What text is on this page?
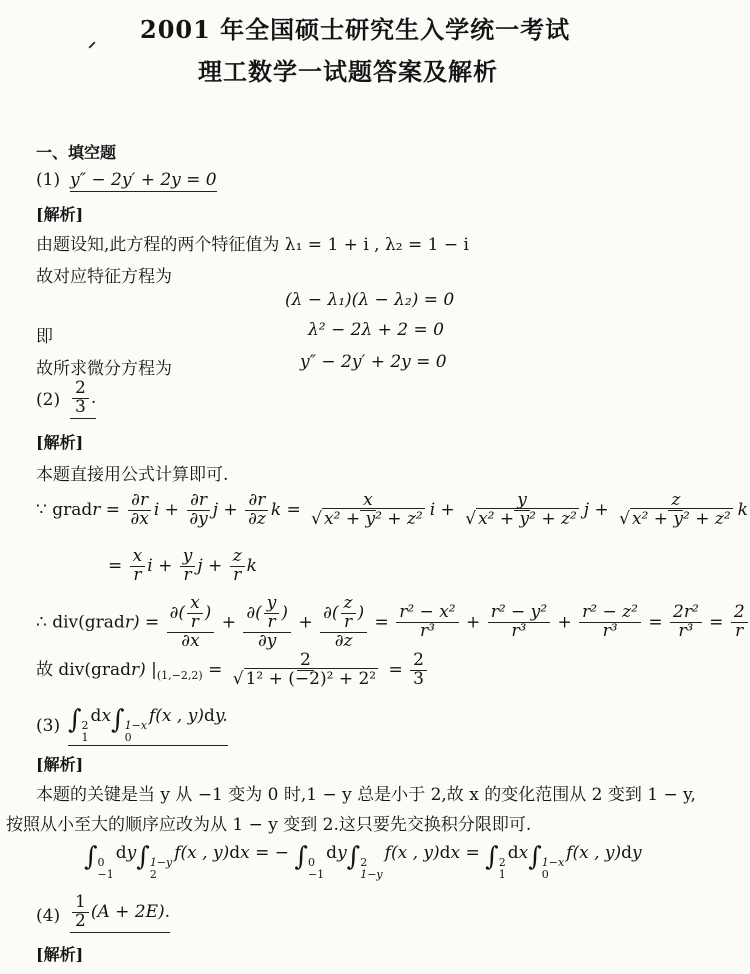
2001 年全国硕士研究生入学统一考试
理工数学一试题答案及解析
一、填空题
(1) y″ − 2y′ + 2y = 0
[解析]
由题设知,此方程的两个特征值为 λ₁ = 1 + i , λ₂ = 1 − i
故对应特征方程为
(λ − λ₁)(λ − λ₂) = 0
即	λ² − 2λ + 2 = 0
故所求微分方程为	y″ − 2y′ + 2y = 0
$(2) \frac{2}{3}$ .
[解析]
本题直接用公式计算即可.
∵ gradr = $\frac{\partial r}{\partial x}$ $i + \frac{\partial r}{\partial y}$ $j + \frac{\partial r}{\partial z}$ $k = \frac{x}{\text{√ x² + y² + z²}}$ $i + \frac{y}{\text{√ x² + y² + z²}}$ $j + \frac{z}{\text{√ x² + y² + z²}}$ k
= $\frac{x}{r}$ $i + \frac{y}{r}$ $j + \frac{z}{r}$ k
∴ div(gradr) = $\frac{\partial( \frac{x}{r} )}{\partial x} + \frac{\partial( \frac{y}{r} )}{\partial y} + \frac{\partial( \frac{z}{r} )}{\partial z} = \frac{\text{r² − x²}}{\text{r³}} + \frac{\text{r² − y²}}{\text{r³}} + \frac{\text{r² − z²}}{\text{r³}} = \frac{\text{2r²}}{\text{r³}} = \frac{2}{r}$
故 div(gradr) $|_{(1,-2,2)} = \frac{2}{\text{√ 1² + (−2)² + 2²}} = \frac{2}{3}$
(3) ∫ 2
1
dx∫ 1−x
0
f(x , y)dy.
[解析]
本题的关键是当 y 从 −1 变为 0 时,1 − y 总是小于 2,故 x 的变化范围从 2 变到 1 − y,
按照从小至大的顺序应改为从 1 − y 变到 2.这只要先交换积分限即可.
∫ 0
−1
dy∫ 1−y
2
f(x , y)dx = − ∫ 0
−1
dy∫ 2
1−y
f(x , y)dx = ∫ 2
1
dx∫ 1−x
0
f(x , y)dy
$(4) \frac{1}{2} (A + 2E)$.
[解析]
